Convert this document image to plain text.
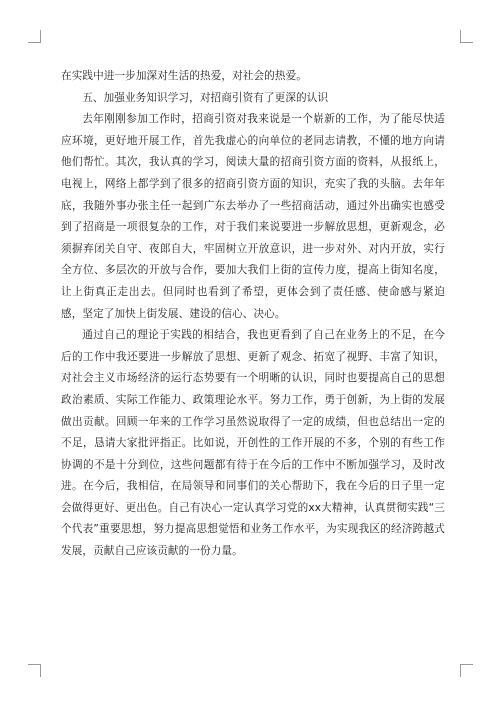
在实践中进一步加深对生活的热爱，对社会的热爱。

五、加强业务知识学习，对招商引资有了更深的认识

去年刚刚参加工作时，招商引资对我来说是一个崭新的工作，为了能尽快适应环境，更好地开展工作，首先我虚心的向单位的老同志请教，不懂的地方向请他们帮忙。其次，我认真的学习，阅读大量的招商引资方面的资料，从报纸上，电视上，网络上都学到了很多的招商引资方面的知识，充实了我的头脑。去年年底，我随外事办张主任一起到广东去举办了一些招商活动，通过外出确实也感受到了招商是一项很复杂的工作，对于我们来说要进一步解放思想，更新观念，必须摒弃闭关自守、夜郎自大，牢固树立开放意识，进一步对外、对内开放，实行全方位、多层次的开放与合作，要加大我们上街的宣传力度，提高上街知名度，让上街真正走出去。但同时也看到了希望，更体会到了责任感、使命感与紧迫感，坚定了加快上街发展、建设的信心、决心。

通过自己的理论于实践的相结合，我也更看到了自己在业务上的不足，在今后的工作中我还要进一步解放了思想、更新了观念、拓宽了视野、丰富了知识，对社会主义市场经济的运行态势要有一个明晰的认识，同时也要提高自己的思想政治素质、实际工作能力、政策理论水平。努力工作，勇于创新，为上街的发展做出贡献。回顾一年来的工作学习虽然说取得了一定的成绩，但也总结出一定的不足，恳请大家批评指正。比如说，开创性的工作开展的不多，个别的有些工作协调的不是十分到位，这些问题都有待于在今后的工作中不断加强学习，及时改进。在今后，我相信，在局领导和同事们的关心帮助下，我在今后的日子里一定会做得更好、更出色。自己有决心一定认真学习党的xx大精神，认真贯彻实践“三个代表”重要思想，努力提高思想觉悟和业务工作水平，为实现我区的经济跨越式发展，贡献自己应该贡献的一份力量。
